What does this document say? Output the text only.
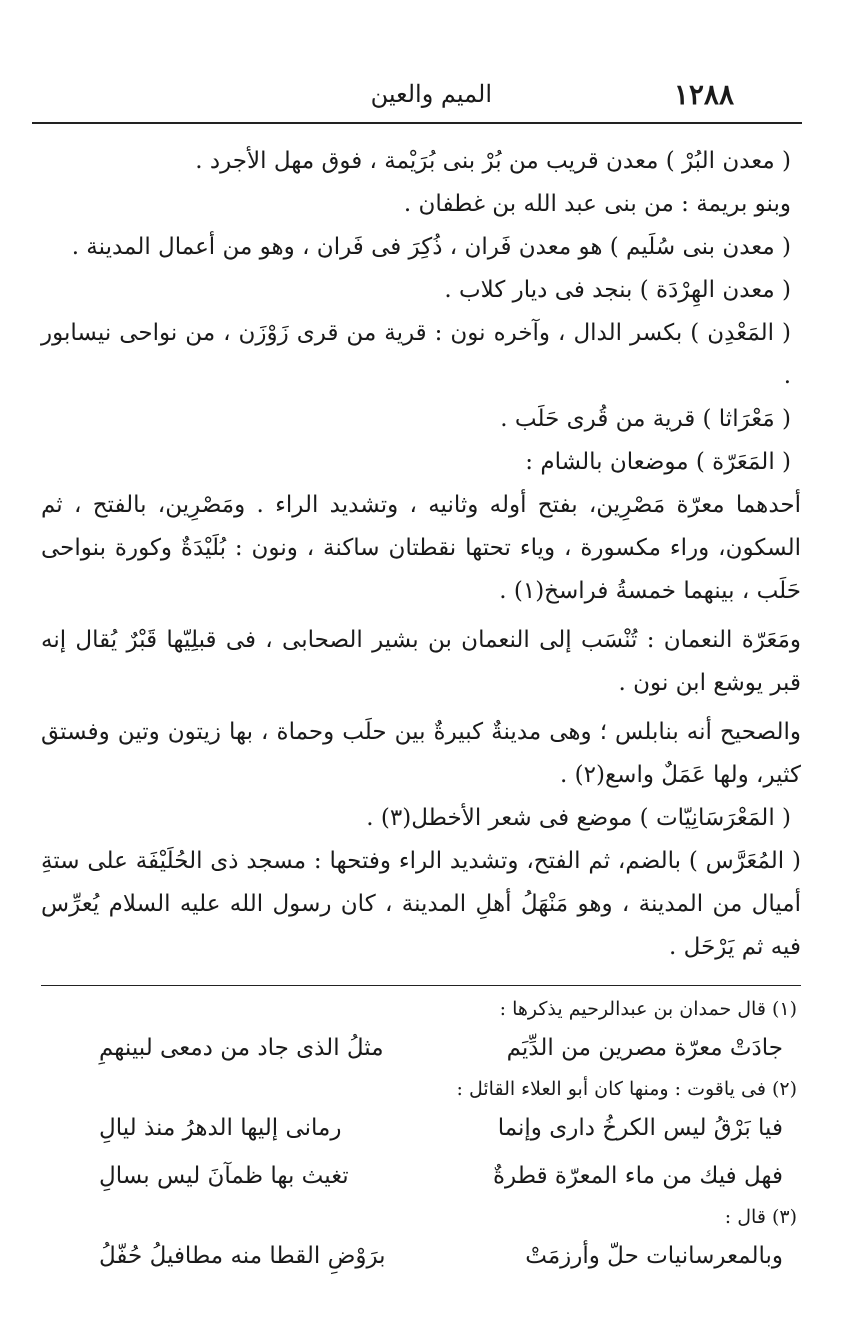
١٢٨٨
الميم والعين

( معدن البُرْ ) معدن قريب من بُرْ بنى بُرَيْمة ، فوق مهل الأجرد .

وبنو بريمة : من بنى عبد الله بن غطفان .

( معدن بنى سُلَيم ) هو معدن فَران ، ذُكِرَ فى فَران ، وهو من أعمال المدينة .

( معدن الهِرْدَة ) بنجد فى ديار كلاب .

( المَعْدِن ) بكسر الدال ، وآخره نون : قرية من قرى زَوْزَن ، من نواحى نيسابور .

( مَعْرَاثا ) قرية من قُرى حَلَب .

( المَعَرّة ) موضعان بالشام :

أحدهما معرّة مَصْرِين، بفتح أوله وثانيه ، وتشديد الراء . ومَصْرِين، بالفتح ، ثم السكون، وراء مكسورة ، وياء تحتها نقطتان ساكنة ، ونون : بُلَيْدَةٌ وكورة بنواحى حَلَب ، بينهما خمسةُ فراسخ(١) .

ومَعَرّة النعمان : تُنْسَب إلى النعمان بن بشير الصحابى ، فى قبلِيّها قَبْرٌ يُقال إنه قبر يوشع ابن نون .

والصحيح أنه بنابلس ؛ وهى مدينةٌ كبيرةٌ بين حلَب وحماة ، بها زيتون وتين وفستق كثير، ولها عَمَلٌ واسع(٢) .

( المَعْرَسَانِيّات ) موضع فى شعر الأخطل(٣) .

( المُعَرَّس ) بالضم، ثم الفتح، وتشديد الراء وفتحها : مسجد ذى الحُلَيْفَة على ستةِ أميال من المدينة ، وهو مَنْهَلُ أهلِ المدينة ، كان رسول الله عليه السلام يُعرِّس فيه ثم يَرْحَل .

(١) قال حمدان بن عبدالرحيم يذكرها :

جادَتْ معرّة مصرين من الدِّيَم
مثلُ الذى جاد من دمعى لبينهمِ

(٢) فى ياقوت : ومنها كان أبو العلاء القائل :

فيا بَرْقُ ليس الكرخُ دارى وإنما
رمانى إليها الدهرُ منذ ليالِ
فهل فيك من ماء المعرّة قطرةٌ
تغيث بها ظمآنَ ليس بسالِ

(٣) قال :

وبالمعرسانيات حلّ وأرزمَتْ
برَوْضِ القطا منه مطافيلُ حُفّلُ
